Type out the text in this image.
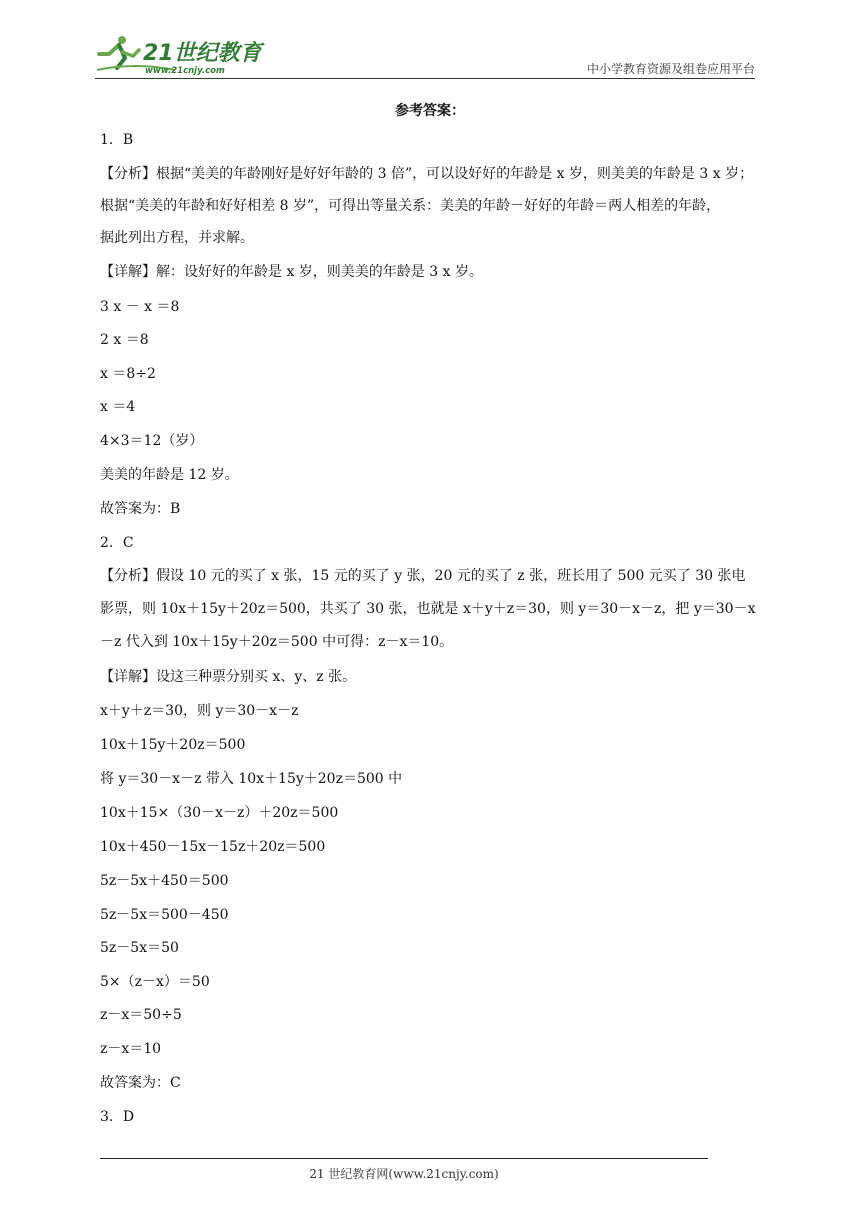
21世纪教育
www.21cnjy.com	中小学教育资源及组卷应用平台
参考答案：
1．B
【分析】根据“美美的年龄刚好是好好年龄的 3 倍”，可以设好好的年龄是 x 岁，则美美的年龄是 3 x 岁；
根据“美美的年龄和好好相差 8 岁”，可得出等量关系：美美的年龄－好好的年龄＝两人相差的年龄，
据此列出方程，并求解。
【详解】解：设好好的年龄是 x 岁，则美美的年龄是 3 x 岁。
3 x － x ＝8
2 x ＝8
x ＝8÷2
x ＝4
4×3＝12（岁）
美美的年龄是 12 岁。
故答案为：B
2．C
【分析】假设 10 元的买了 x 张，15 元的买了 y 张，20 元的买了 z 张，班长用了 500 元买了 30 张电
影票，则 10x＋15y＋20z＝500，共买了 30 张，也就是 x＋y＋z＝30，则 y＝30－x－z，把 y＝30－x
－z 代入到 10x＋15y＋20z＝500 中可得：z－x＝10。
【详解】设这三种票分别买 x、y、z 张。
x＋y＋z＝30，则 y＝30－x－z
10x＋15y＋20z＝500
将 y＝30－x－z 带入 10x＋15y＋20z＝500 中
10x＋15×（30－x－z）＋20z＝500
10x＋450－15x－15z＋20z＝500
5z－5x＋450＝500
5z－5x＝500－450
5z－5x＝50
5×（z－x）＝50
z－x＝50÷5
z－x＝10
故答案为：C
3．D
21 世纪教育网(www.21cnjy.com)
